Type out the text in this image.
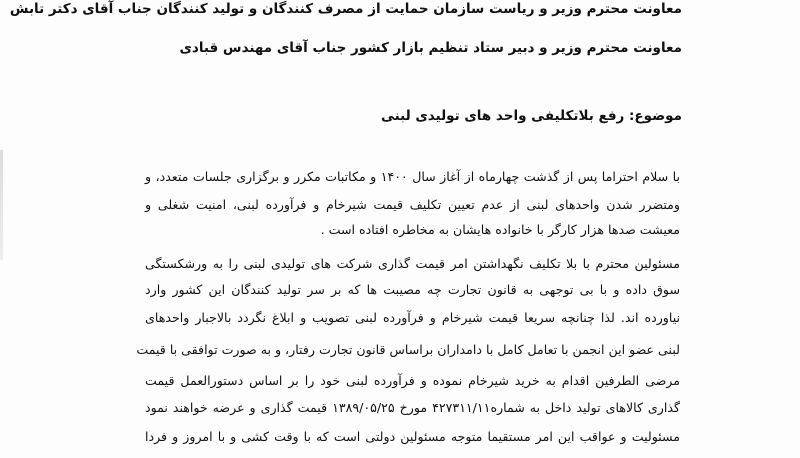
معاونت محترم وزیر و ریاست سازمان حمایت از مصرف کنندگان و تولید کنندگان جناب آقای دکتر تابش
معاونت محترم وزیر و دبیر ستاد تنظیم بازار کشور جناب آقای مهندس قبادی
موضوع: رفع بلاتکلیفی واحد های تولیدی لبنی
با سلام احتراما پس از گذشت چهارماه از آغاز سال ۱۴۰۰ و مکاتبات مکرر و برگزاری جلسات متعدد، و
ومتضرر شدن واحدهای لبنی از عدم تعیین تکلیف قیمت شیرخام و فرآورده لبنی، امنیت شغلی و
معیشت صدها هزار کارگر با خانواده هایشان به مخاطره افتاده است .
مسئولین محترم با بلا تکلیف نگهداشتن امر قیمت گذاری شرکت های تولیدی لبنی را به ورشکستگی
سوق داده و با بی توجهی به قانون تجارت چه مصیبت ها که بر سر تولید کنندگان این کشور وارد
نیاورده اند. لذا چنانچه سریعا قیمت شیرخام و فرآورده لبنی تصویب و ابلاغ نگردد بالاجبار واحدهای
لبنی عضو این انجمن با تعامل کامل با دامداران براساس قانون تجارت رفتار، و به صورت توافقی با قیمت
مرضی الطرفین اقدام به خرید شیرخام نموده و فرآورده لبنی خود را بر اساس دستورالعمل قیمت
گذاری کالاهای تولید داخل به شماره۴۲۷۳۱۱/۱۱ مورخ ۱۳۸۹/۰۵/۲۵ قیمت گذاری و عرضه خواهند نمود
مسئولیت و عواقب این امر مستقیما متوجه مسئولین دولتی است که با وقت کشی و با امروز و فردا
